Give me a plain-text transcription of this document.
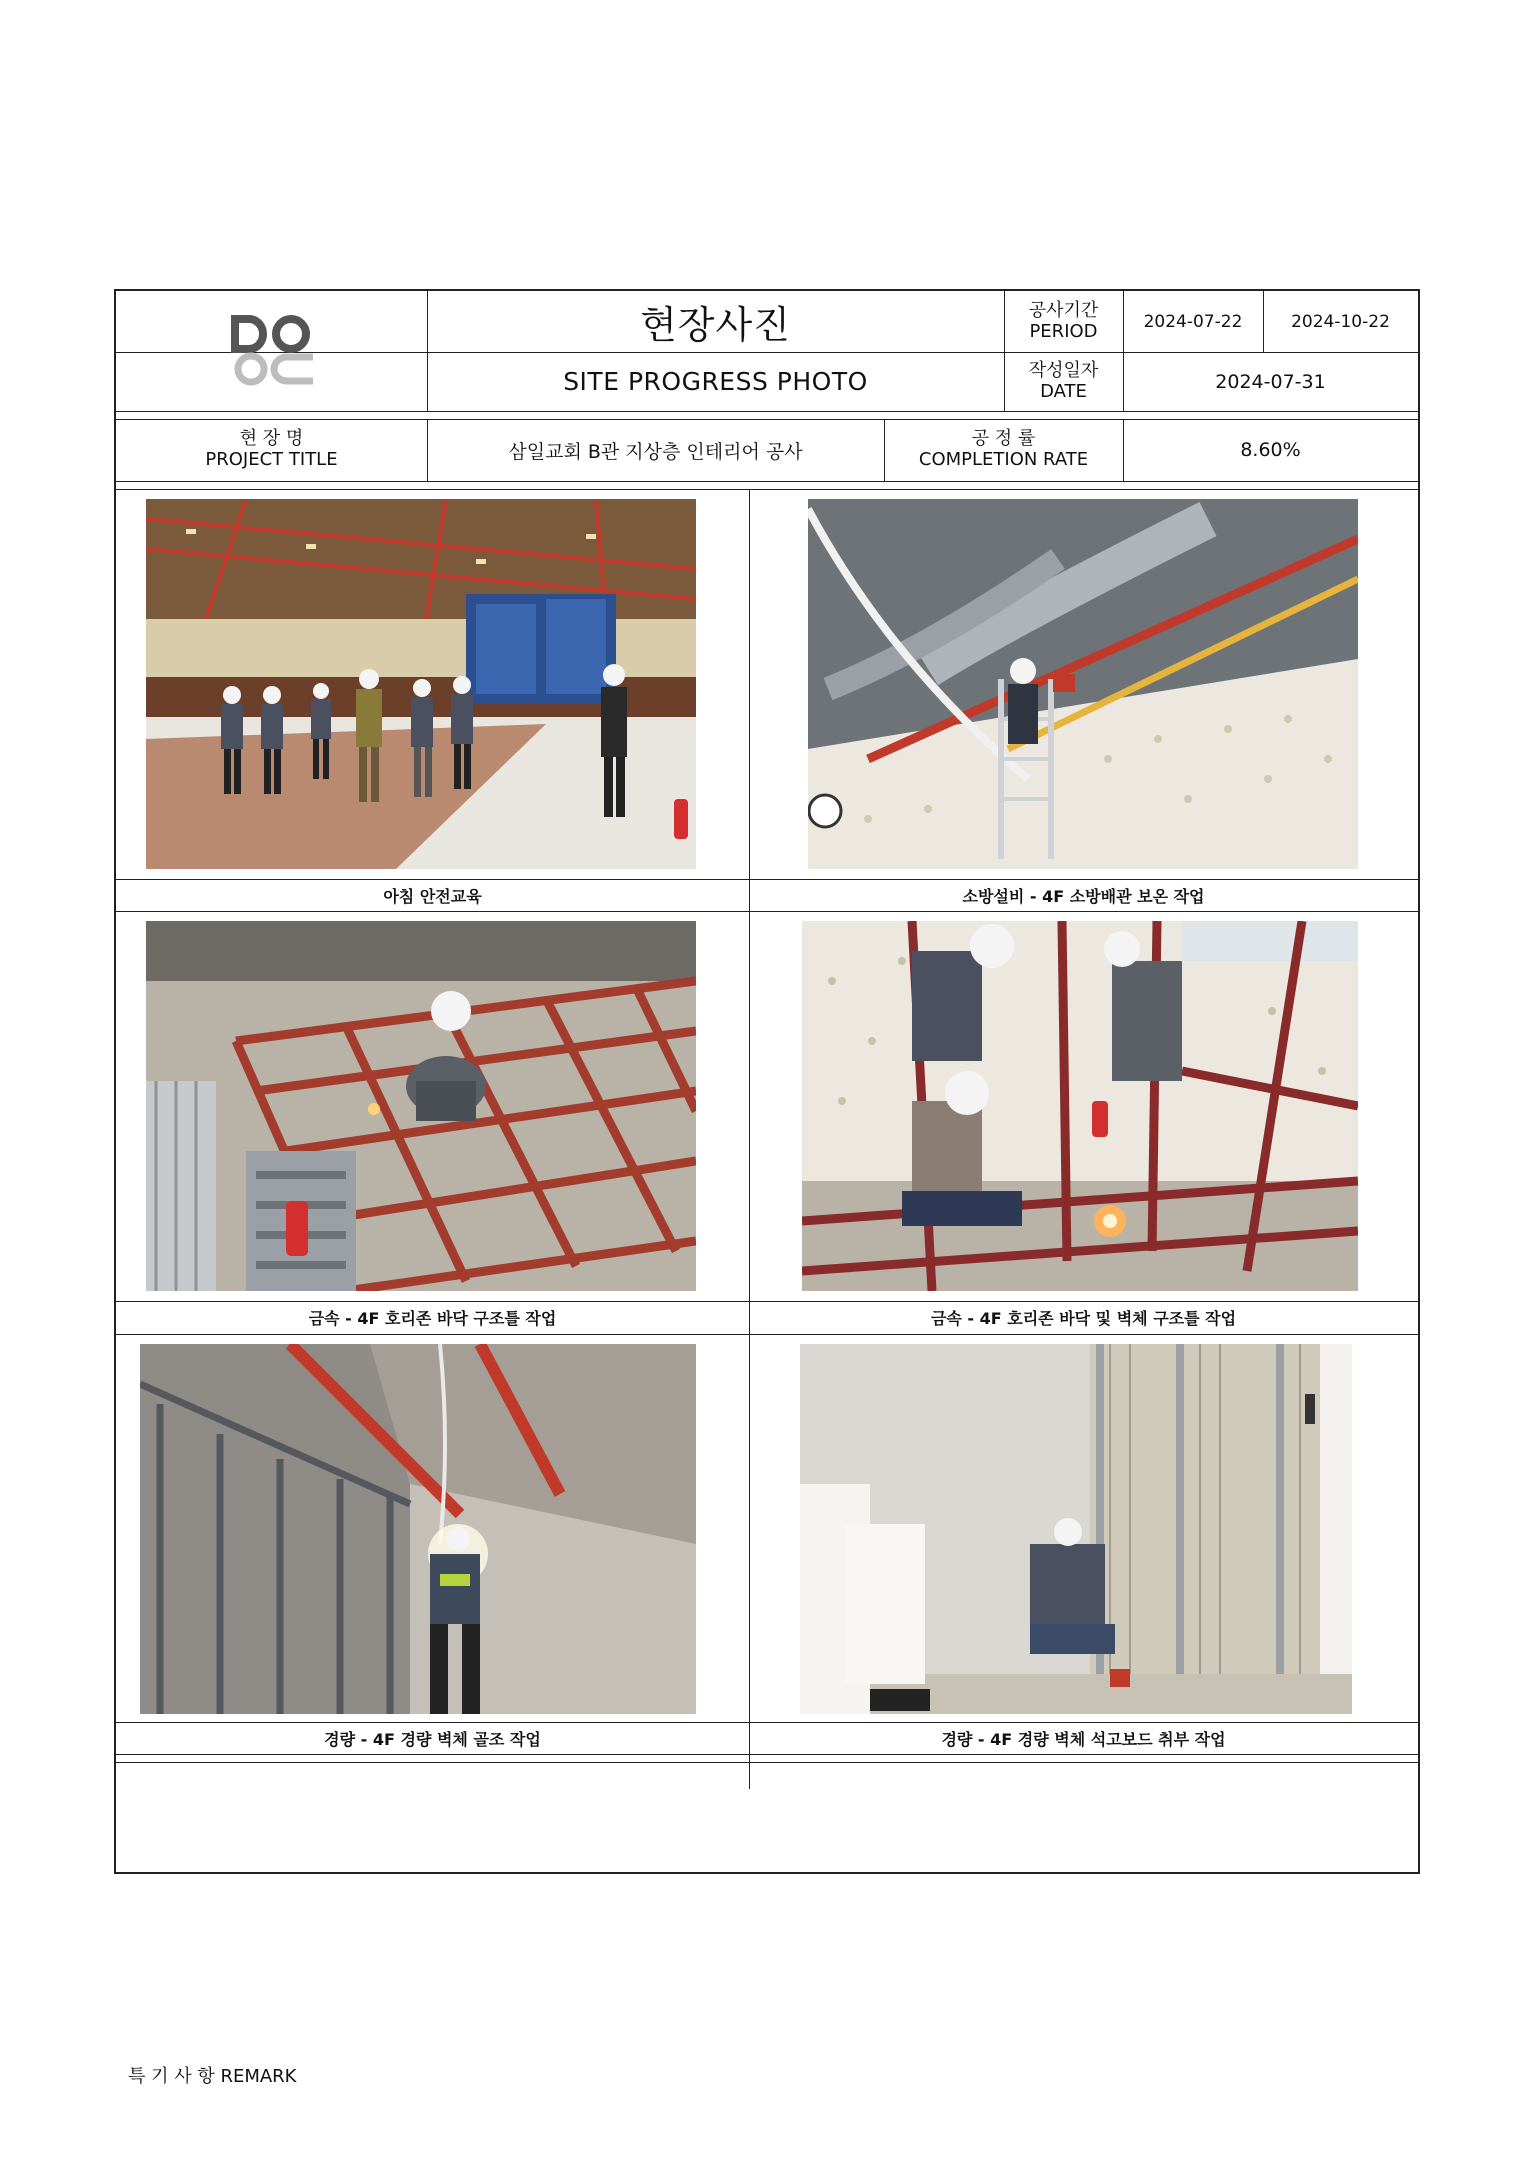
현장사진
SITE PROGRESS PHOTO
공사기간
PERIOD	2024-07-22	2024-10-22
작성일자
DATE	2024-07-31
현 장 명
PROJECT TITLE	삼일교회 B관 지상층 인테리어 공사
공 정 률
COMPLETION RATE	8.60%
아침 안전교육	소방설비 - 4F 소방배관 보온 작업
금속 - 4F 호리존 바닥 구조틀 작업	금속 - 4F 호리존 바닥 및 벽체 구조틀 작업
경량 - 4F 경량 벽체 골조 작업	경량 - 4F 경량 벽체 석고보드 취부 작업
특 기 사 항 REMARK
